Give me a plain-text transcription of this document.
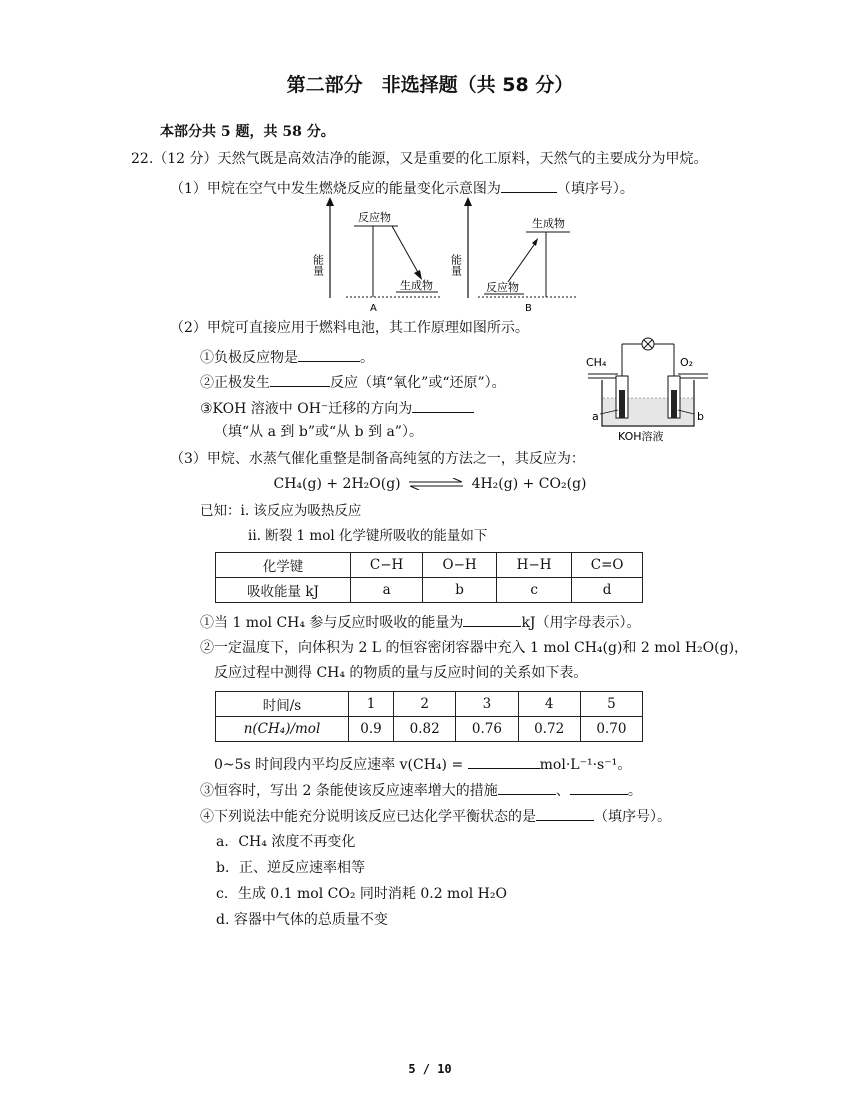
第二部分　非选择题（共 58 分）
本部分共 5 题，共 58 分。
22.（12 分）天然气既是高效洁净的能源，又是重要的化工原料，天然气的主要成分为甲烷。
（1）甲烷在空气中发生燃烧反应的能量变化示意图为	（填序号）。
能量
反应物
生成物
A
能量
生成物
反应物
B
（2）甲烷可直接应用于燃料电池，其工作原理如图所示。
①负极反应物是	。
②正极发生	反应（填“氧化”或“还原”）。
③KOH 溶液中 OH⁻迁移的方向为
（填“从 a 到 b”或“从 b 到 a”）。
CH₄	O₂
a	b
KOH溶液
（3）甲烷、水蒸气催化重整是制备高纯氢的方法之一，其反应为：
CH₄(g) + 2H₂O(g)	4H₂(g) + CO₂(g)
已知：i. 该反应为吸热反应
ii. 断裂 1 mol 化学键所吸收的能量如下
化学键	C−H	O−H	H−H	C=O
吸收能量 kJ	a	b	c	d
①当 1 mol CH₄ 参与反应时吸收的能量为	kJ（用字母表示）。
②一定温度下，向体积为 2 L 的恒容密闭容器中充入 1 mol CH₄(g)和 2 mol H₂O(g)，
反应过程中测得 CH₄ 的物质的量与反应时间的关系如下表。
时间/s	1	2	3	4	5
n(CH₄)/mol	0.9	0.82	0.76	0.72	0.70
0~5s 时间段内平均反应速率 v(CH₄) =	mol·L⁻¹·s⁻¹。
③恒容时，写出 2 条能使该反应速率增大的措施	、	。
④下列说法中能充分说明该反应已达化学平衡状态的是	（填序号）。
a．CH₄ 浓度不再变化
b．正、逆反应速率相等
c．生成 0.1 mol CO₂ 同时消耗 0.2 mol H₂O
d. 容器中气体的总质量不变
5 / 10
